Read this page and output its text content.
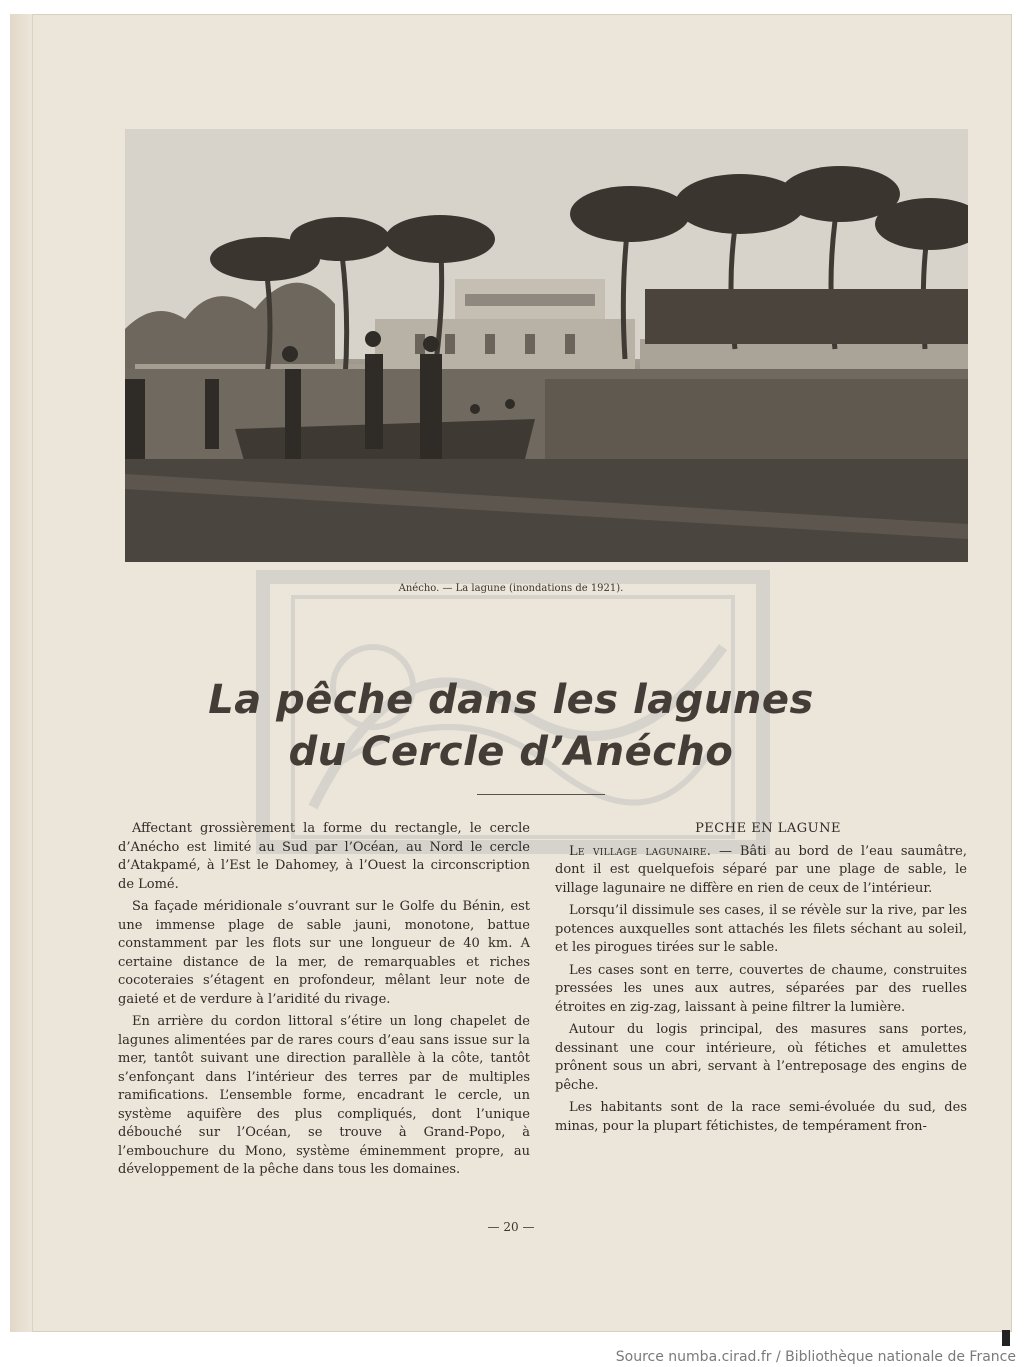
Anécho. — La lagune (inondations de 1921).
La pêche dans les lagunes
du Cercle d’Anécho

Affectant grossièrement la forme du rectangle, le cercle d’Anécho est limité au Sud par l’Océan, au Nord le cercle d’Atakpamé, à l’Est le Dahomey, à l’Ouest la circonscription de Lomé.

Sa façade méridionale s’ouvrant sur le Golfe du Bénin, est une immense plage de sable jauni, monotone, battue constamment par les flots sur une longueur de 40 km. A certaine distance de la mer, de remarquables et riches cocoteraies s’étagent en profondeur, mêlant leur note de gaieté et de verdure à l’aridité du rivage.

En arrière du cordon littoral s’étire un long chapelet de lagunes alimentées par de rares cours d’eau sans issue sur la mer, tantôt suivant une direction parallèle à la côte, tantôt s’enfonçant dans l’intérieur des terres par de multiples ramifications. L’ensemble forme, encadrant le cercle, un système aquifère des plus compliqués, dont l’unique débouché sur l’Océan, se trouve à Grand-Popo, à l’embouchure du Mono, système éminemment propre, au développement de la pêche dans tous les domaines.

PECHE EN LAGUNE

Le village lagunaire. — Bâti au bord de l’eau saumâtre, dont il est quelquefois séparé par une plage de sable, le village lagunaire ne diffère en rien de ceux de l’intérieur.

Lorsqu’il dissimule ses cases, il se révèle sur la rive, par les potences auxquelles sont attachés les filets séchant au soleil, et les pirogues tirées sur le sable.

Les cases sont en terre, couvertes de chaume, construites pressées les unes aux autres, séparées par des ruelles étroites en zig-zag, laissant à peine filtrer la lumière.

Autour du logis principal, des masures sans portes, dessinant une cour intérieure, où fétiches et amulettes prônent sous un abri, servant à l’entreposage des engins de pêche.

Les habitants sont de la race semi-évoluée du sud, des minas, pour la plupart fétichistes, de tempérament fron-

— 20 —
Source numba.cirad.fr / Bibliothèque nationale de France
